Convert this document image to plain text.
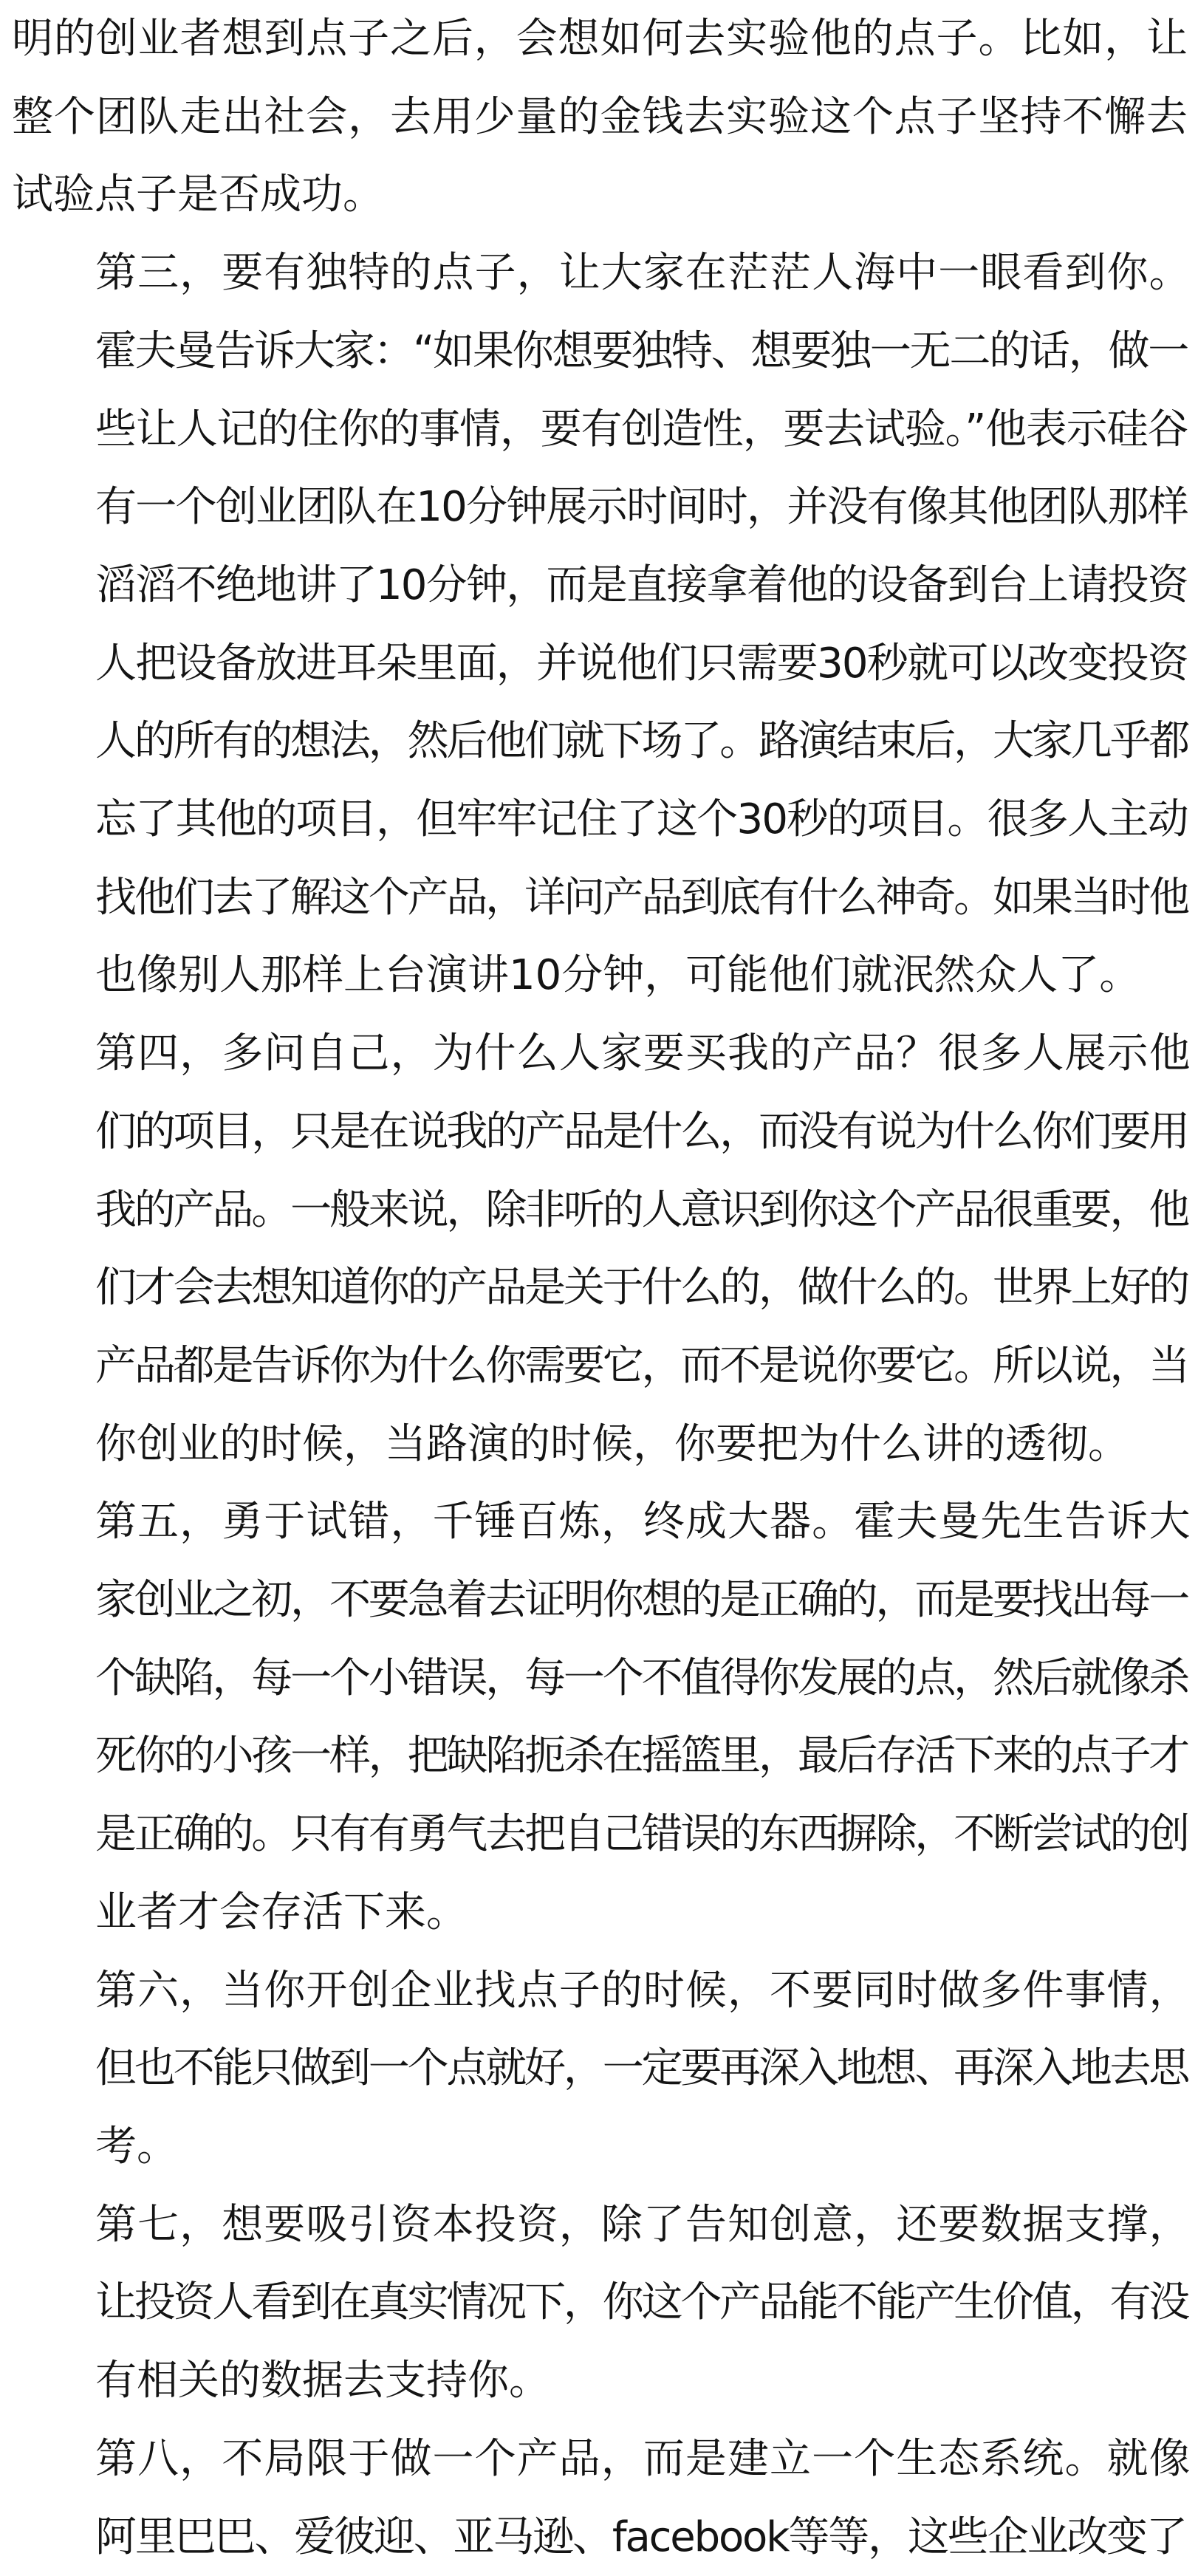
明的创业者想到点子之后，会想如何去实验他的点子。比如，让
整个团队走出社会，去用少量的金钱去实验这个点子坚持不懈去
试验点子是否成功。

第三，要有独特的点子，让大家在茫茫人海中一眼看到你。
霍夫曼告诉大家：“如果你想要独特、想要独一无二的话，做一
些让人记的住你的事情，要有创造性，要去试验。”他表示硅谷
有一个创业团队在10分钟展示时间时，并没有像其他团队那样
滔滔不绝地讲了10分钟，而是直接拿着他的设备到台上请投资
人把设备放进耳朵里面，并说他们只需要30秒就可以改变投资
人的所有的想法，然后他们就下场了。路演结束后，大家几乎都
忘了其他的项目，但牢牢记住了这个30秒的项目。很多人主动
找他们去了解这个产品，详问产品到底有什么神奇。如果当时他
也像别人那样上台演讲10分钟，可能他们就泯然众人了。

第四，多问自己，为什么人家要买我的产品？很多人展示他
们的项目，只是在说我的产品是什么，而没有说为什么你们要用
我的产品。一般来说，除非听的人意识到你这个产品很重要，他
们才会去想知道你的产品是关于什么的，做什么的。世界上好的
产品都是告诉你为什么你需要它，而不是说你要它。所以说，当
你创业的时候，当路演的时候，你要把为什么讲的透彻。

第五，勇于试错，千锤百炼，终成大器。霍夫曼先生告诉大
家创业之初，不要急着去证明你想的是正确的，而是要找出每一
个缺陷，每一个小错误，每一个不值得你发展的点，然后就像杀
死你的小孩一样，把缺陷扼杀在摇篮里，最后存活下来的点子才
是正确的。只有有勇气去把自己错误的东西摒除，不断尝试的创
业者才会存活下来。

第六，当你开创企业找点子的时候，不要同时做多件事情，
但也不能只做到一个点就好，一定要再深入地想、再深入地去思
考。

第七，想要吸引资本投资，除了告知创意，还要数据支撑，
让投资人看到在真实情况下，你这个产品能不能产生价值，有没
有相关的数据去支持你。

第八，不局限于做一个产品，而是建立一个生态系统。就像
阿里巴巴、爱彼迎、亚马逊、facebook等等，这些企业改变了
